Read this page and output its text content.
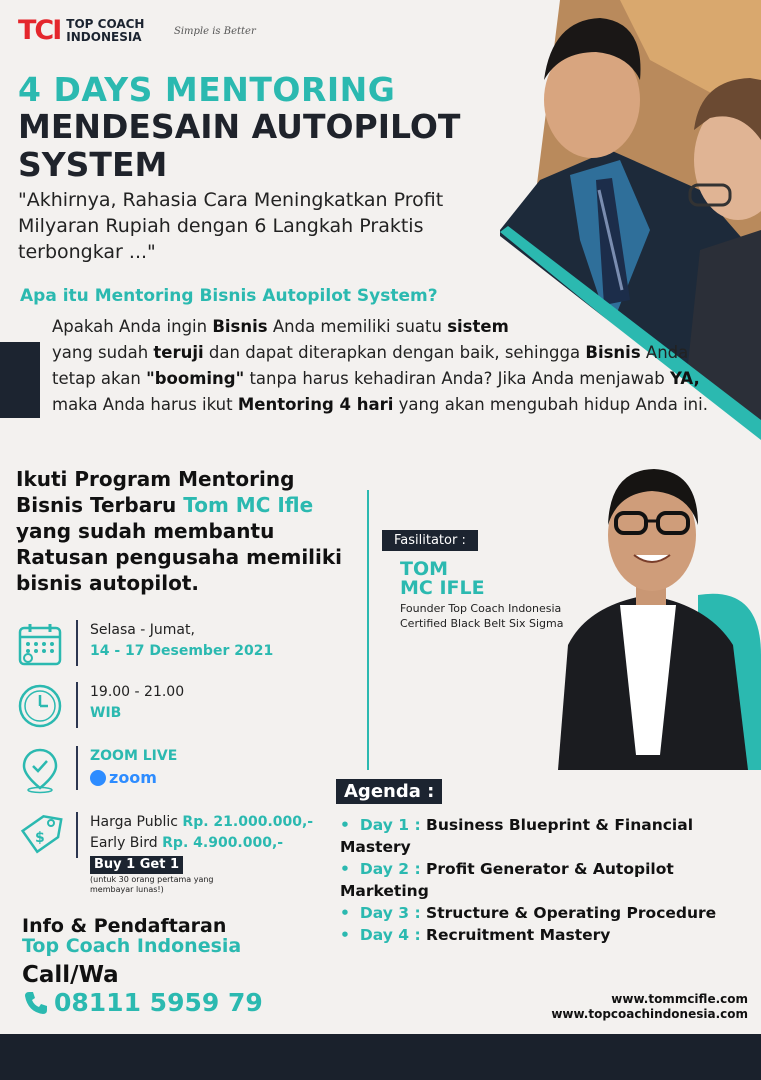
TCI TOP COACH
INDONESIA	Simple is Better
4 DAYS MENTORING
MENDESAIN AUTOPILOT
SYSTEM
"Akhirnya, Rahasia Cara Meningkatkan Profit Milyaran Rupiah dengan 6 Langkah Praktis terbongkar ..."
Apa itu Mentoring Bisnis Autopilot System?
Apakah Anda ingin Bisnis Anda memiliki suatu sistem
yang sudah teruji dan dapat diterapkan dengan baik, sehingga Bisnis Anda tetap akan "booming" tanpa harus kehadiran Anda? Jika Anda menjawab YA, maka Anda harus ikut Mentoring 4 hari yang akan mengubah hidup Anda ini.
Ikuti Program Mentoring Bisnis Terbaru Tom MC Ifle yang sudah membantu Ratusan pengusaha memiliki bisnis autopilot.
Selasa - Jumat,
14 - 17 Desember 2021
19.00 - 21.00
WIB
ZOOM LIVE

zoom
$
Harga Public Rp. 21.000.000,-
Early Bird Rp. 4.900.000,-
Buy 1 Get 1
(untuk 30 orang pertama yang membayar lunas!)
Fasilitator :
TOM
MC IFLE
Founder Top Coach Indonesia
Certified Black Belt Six Sigma
Agenda :
• Day 1 : Business Blueprint & Financial Mastery
• Day 2 : Profit Generator & Autopilot Marketing
• Day 3 : Structure & Operating Procedure
• Day 4 : Recruitment Mastery
Info & Pendaftaran
Top Coach Indonesia
Call/Wa
08111 5959 79	www.tommcifle.com
www.topcoachindonesia.com
